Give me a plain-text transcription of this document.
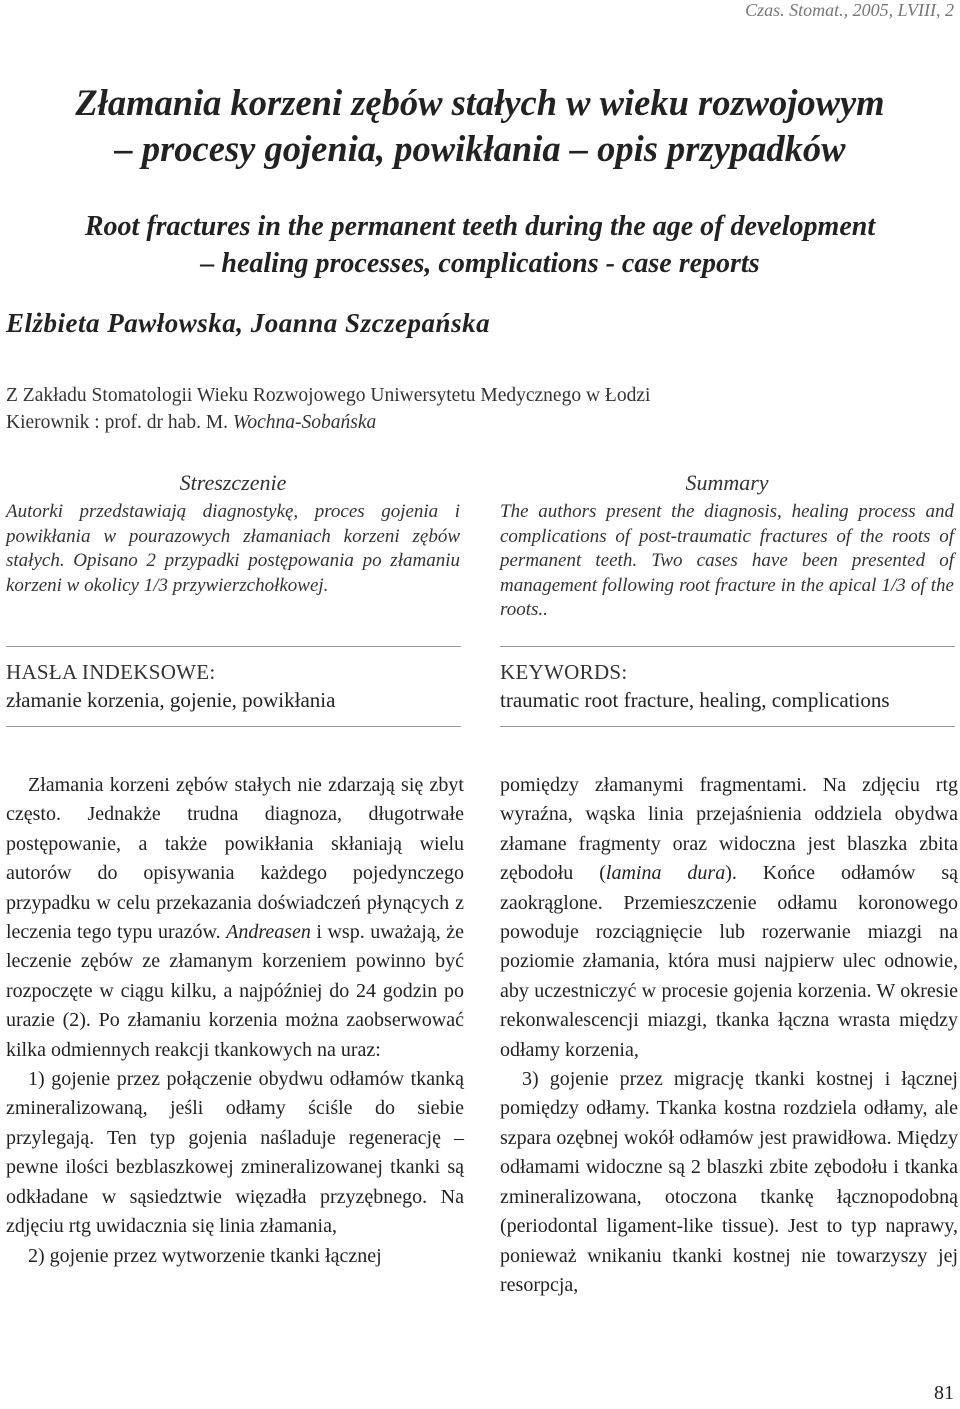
Czas. Stomat., 2005, LVIII, 2
Złamania korzeni zębów stałych w wieku rozwojowym
– procesy gojenia, powikłania – opis przypadków
Root fractures in the permanent teeth during the age of development
– healing processes, complications - case reports
Elżbieta Pawłowska, Joanna Szczepańska
Z Zakładu Stomatologii Wieku Rozwojowego Uniwersytetu Medycznego w Łodzi
Kierownik : prof. dr hab. M. Wochna-Sobańska
Streszczenie
Autorki przedstawiają diagnostykę, proces gojenia i powikłania w pourazowych złamaniach korzeni zębów stałych. Opisano 2 przypadki postępowania po złamaniu korzeni w okolicy 1/3 przywierzchołkowej.
Summary
The authors present the diagnosis, healing process and complications of post-traumatic fractures of the roots of permanent teeth. Two cases have been presented of management following root fracture in the apical 1/3 of the roots..
HASŁA INDEKSOWE:
złamanie korzenia, gojenie, powikłania
KEYWORDS:
traumatic root fracture, healing, complications

Złamania korzeni zębów stałych nie zdarzają się zbyt często. Jednakże trudna diagnoza, długotrwałe postępowanie, a także powikłania skłaniają wielu autorów do opisywania każdego pojedynczego przypadku w celu przekazania doświadczeń płynących z leczenia tego typu urazów. Andreasen i wsp. uważają, że leczenie zębów ze złamanym korzeniem powinno być rozpoczęte w ciągu kilku, a najpóźniej do 24 godzin po urazie (2). Po złamaniu korzenia można zaobserwować kilka odmiennych reakcji tkankowych na uraz:

1) gojenie przez połączenie obydwu odłamów tkanką zmineralizowaną, jeśli odłamy ściśle do siebie przylegają. Ten typ gojenia naśladuje regenerację – pewne ilości bezblaszkowej zmineralizowanej tkanki są odkładane w sąsiedztwie więzadła przyzębnego. Na zdjęciu rtg uwidacznia się linia złamania,

2) gojenie przez wytworzenie tkanki łącznej

pomiędzy złamanymi fragmentami. Na zdjęciu rtg wyraźna, wąska linia przejaśnienia oddziela obydwa złamane fragmenty oraz widoczna jest blaszka zbita zębodołu (lamina dura). Końce odłamów są zaokrąglone. Przemieszczenie odłamu koronowego powoduje rozciągnięcie lub rozerwanie miazgi na poziomie złamania, która musi najpierw ulec odnowie, aby uczestniczyć w procesie gojenia korzenia. W okresie rekonwalescencji miazgi, tkanka łączna wrasta między odłamy korzenia,

3) gojenie przez migrację tkanki kostnej i łącznej pomiędzy odłamy. Tkanka kostna rozdziela odłamy, ale szpara ozębnej wokół odłamów jest prawidłowa. Między odłamami widoczne są 2 blaszki zbite zębodołu i tkanka zmineralizowana, otoczona tkankę łącznopodobną (periodontal ligament-like tissue). Jest to typ naprawy, ponieważ wnikaniu tkanki kostnej nie towarzyszy jej resorpcja,

81
